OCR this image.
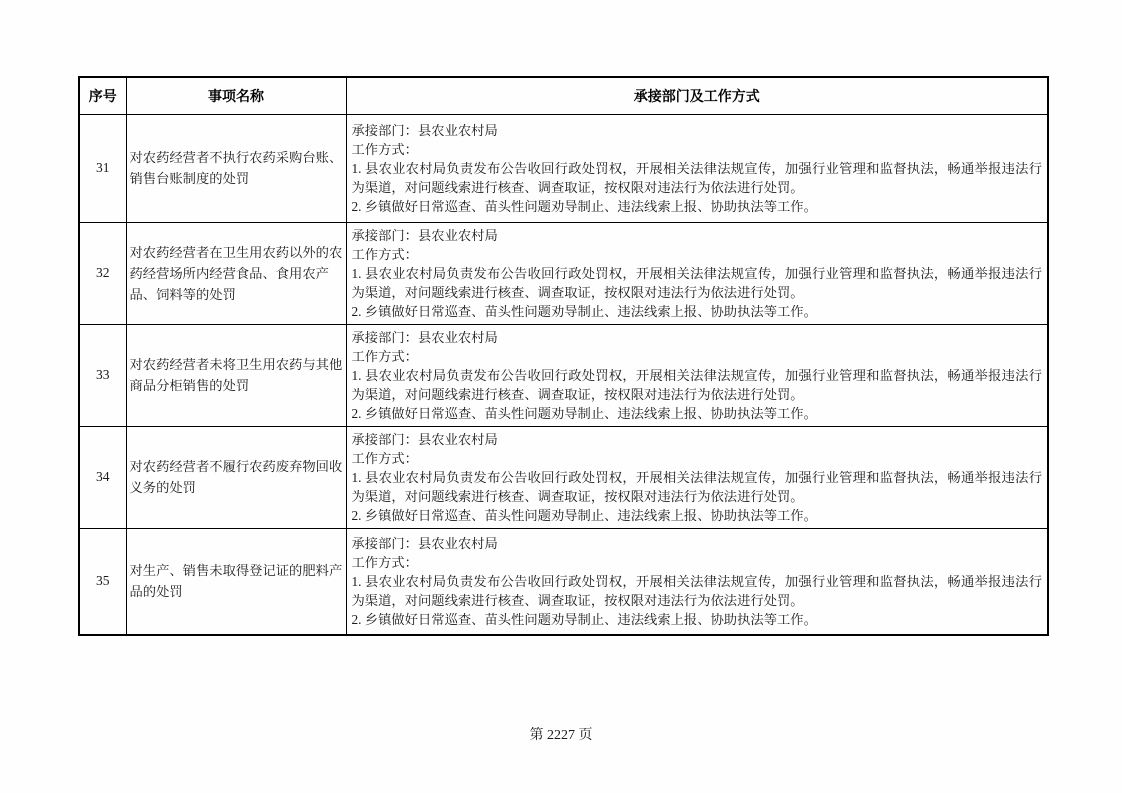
序号	事项名称	承接部门及工作方式
31	对农药经营者不执行农药采购台账、销售台账制度的处罚	承接部门：县农业农村局
工作方式：
1. 县农业农村局负责发布公告收回行政处罚权，开展相关法律法规宣传，加强行业管理和监督执法，畅通举报违法行为渠道，对问题线索进行核查、调查取证，按权限对违法行为依法进行处罚。
2. 乡镇做好日常巡查、苗头性问题劝导制止、违法线索上报、协助执法等工作。

32	对农药经营者在卫生用农药以外的农药经营场所内经营食品、食用农产品、饲料等的处罚	承接部门：县农业农村局
工作方式：
1. 县农业农村局负责发布公告收回行政处罚权，开展相关法律法规宣传，加强行业管理和监督执法，畅通举报违法行为渠道，对问题线索进行核查、调查取证，按权限对违法行为依法进行处罚。
2. 乡镇做好日常巡查、苗头性问题劝导制止、违法线索上报、协助执法等工作。

33	对农药经营者未将卫生用农药与其他商品分柜销售的处罚	承接部门：县农业农村局
工作方式：
1. 县农业农村局负责发布公告收回行政处罚权，开展相关法律法规宣传，加强行业管理和监督执法，畅通举报违法行为渠道，对问题线索进行核查、调查取证，按权限对违法行为依法进行处罚。
2. 乡镇做好日常巡查、苗头性问题劝导制止、违法线索上报、协助执法等工作。

34	对农药经营者不履行农药废弃物回收义务的处罚	承接部门：县农业农村局
工作方式：
1. 县农业农村局负责发布公告收回行政处罚权，开展相关法律法规宣传，加强行业管理和监督执法，畅通举报违法行为渠道，对问题线索进行核查、调查取证，按权限对违法行为依法进行处罚。
2. 乡镇做好日常巡查、苗头性问题劝导制止、违法线索上报、协助执法等工作。

35	对生产、销售未取得登记证的肥料产品的处罚	承接部门：县农业农村局
工作方式：
1. 县农业农村局负责发布公告收回行政处罚权，开展相关法律法规宣传，加强行业管理和监督执法，畅通举报违法行为渠道，对问题线索进行核查、调查取证，按权限对违法行为依法进行处罚。
2. 乡镇做好日常巡查、苗头性问题劝导制止、违法线索上报、协助执法等工作。
第 2227 页
